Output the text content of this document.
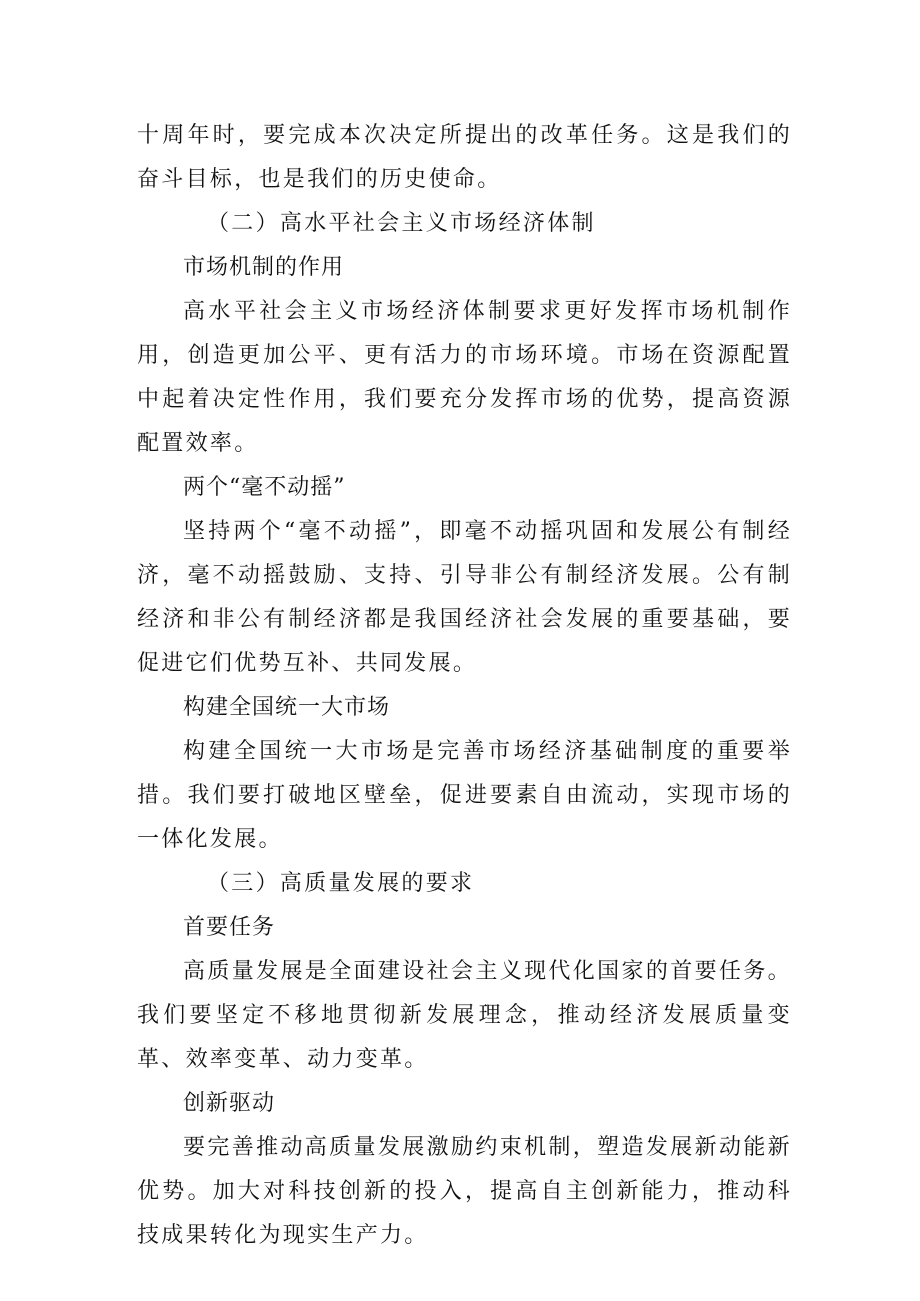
十周年时，要完成本次决定所提出的改革任务。这是我们的奋斗目标，也是我们的历史使命。

（二）高水平社会主义市场经济体制

市场机制的作用

高水平社会主义市场经济体制要求更好发挥市场机制作用，创造更加公平、更有活力的市场环境。市场在资源配置中起着决定性作用，我们要充分发挥市场的优势，提高资源配置效率。

两个“毫不动摇”

坚持两个“毫不动摇”，即毫不动摇巩固和发展公有制经济，毫不动摇鼓励、支持、引导非公有制经济发展。公有制经济和非公有制经济都是我国经济社会发展的重要基础，要促进它们优势互补、共同发展。

构建全国统一大市场

构建全国统一大市场是完善市场经济基础制度的重要举措。我们要打破地区壁垒，促进要素自由流动，实现市场的一体化发展。

（三）高质量发展的要求

首要任务

高质量发展是全面建设社会主义现代化国家的首要任务。我们要坚定不移地贯彻新发展理念，推动经济发展质量变革、效率变革、动力变革。

创新驱动

要完善推动高质量发展激励约束机制，塑造发展新动能新优势。加大对科技创新的投入，提高自主创新能力，推动科技成果转化为现实生产力。
